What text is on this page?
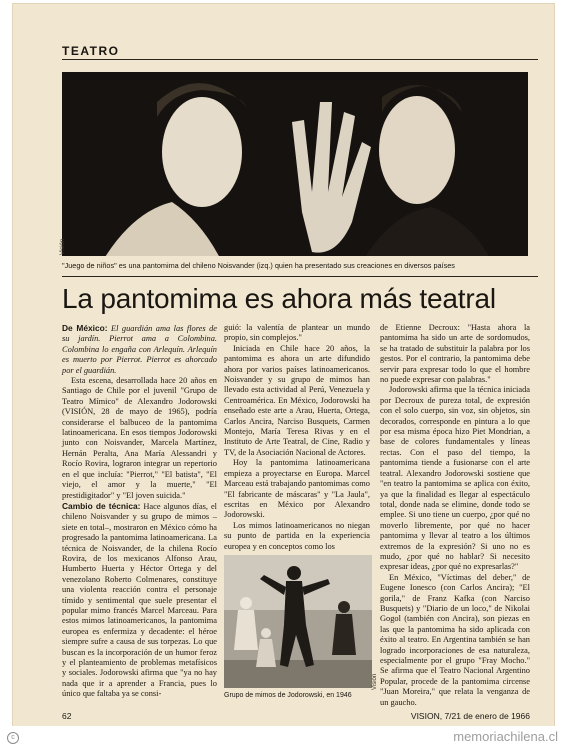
TEATRO
Visión
"Juego de niños" es una pantomima del chileno Noisvander (izq.) quien ha presentado sus creaciones en diversos países
La pantomima es ahora más teatral

De México: El guardián ama las flores de su jardín. Pierrot ama a Colombina. Colombina lo engaña con Arlequín. Arlequín es muerto por Pierrot. Pierrot es ahorcado por el guardián.

Esta escena, desarrollada hace 20 años en Santiago de Chile por el juvenil "Grupo de Teatro Mímico" de Alexandro Jodorowski (VISIÓN, 28 de mayo de 1965), podría considerarse el balbuceo de la pantomima latinoamericana. En esos tiempos Jodorowski junto con Noisvander, Marcela Martínez, Hernán Peralta, Ana María Alessandri y Rocío Rovira, lograron integrar un repertorio en el que incluía: "Pierrot," "El batista", "El viejo, el amor y la muerte," "El prestidigitador" y "El joven suicida."

Cambio de técnica: Hace algunos días, el chileno Noisvander y su grupo de mimos –siete en total–, mostraron en México cómo ha progresado la pantomima latinoamericana. La técnica de Noisvander, de la chilena Rocío Rovira, de los mexicanos Alfonso Arau, Humberto Huerta y Héctor Ortega y del venezolano Roberto Colmenares, constituye una violenta reacción contra el personaje tímido y sentimental que suele presentar el popular mimo francés Marcel Marceau. Para estos mimos latinoamericanos, la pantomima europea es enfermiza y decadente: el héroe siempre sufre a causa de sus torpezas. Lo que buscan es la incorporación de un humor feroz y el planteamiento de problemas metafísicos y sociales. Jodorowski afirma que "ya no hay nada que ir a aprender a Francia, pues lo único que faltaba ya se consi-

guió: la valentía de plantear un mundo propio, sin complejos."

Iniciada en Chile hace 20 años, la pantomima es ahora un arte difundido ahora por varios países latinoamericanos. Noisvander y su grupo de mimos han llevado esta actividad al Perú, Venezuela y Centroamérica. En México, Jodorowski ha enseñado este arte a Arau, Huerta, Ortega, Carlos Ancira, Narciso Busquets, Carmen Montejo, María Teresa Rivas y en el Instituto de Arte Teatral, de Cine, Radio y TV, de la Asociación Nacional de Actores.

Hoy la pantomima latinoamericana empieza a proyectarse en Europa. Marcel Marceau está trabajando pantomimas como "El fabricante de máscaras" y "La Jaula", escritas en México por Alexandro Jodorowski.

Los mimos latinoamericanos no niegan su punto de partida en la experiencia europea y en conceptos como los

de Etienne Decroux: "Hasta ahora la pantomima ha sido un arte de sordomudos, se ha tratado de substituir la palabra por los gestos. Por el contrario, la pantomima debe servir para expresar todo lo que el hombre no puede expresar con palabras."

Jodorowski afirma que la técnica iniciada por Decroux de pureza total, de expresión con el solo cuerpo, sin voz, sin objetos, sin decorados, corresponde en pintura a lo que por esa misma época hizo Piet Mondrian, a base de colores fundamentales y líneas rectas. Con el paso del tiempo, la pantomima tiende a fusionarse con el arte teatral. Alexandro Jodorowski sostiene que "en teatro la pantomima se aplica con éxito, ya que la finalidad es llegar al espectáculo total, donde nada se elimine, donde todo se emplee. Si uno tiene un cuerpo, ¿por qué no moverlo libremente, por qué no hacer pantomima y llevar al teatro a los últimos extremos de la expresión? Si uno no es mudo, ¿por qué no hablar? Si necesito expresar ideas, ¿por qué no expresarlas?"

En México, "Víctimas del deber," de Eugene Ionesco (con Carlos Ancira); "El gorila," de Franz Kafka (con Narciso Busquets) y "Diario de un loco," de Nikolai Gogol (también con Ancira), son piezas en las que la pantomima ha sido aplicada con éxito al teatro. En Argentina también se han logrado incorporaciones de esa naturaleza, especialmente por el grupo "Fray Mocho." Se afirma que el Teatro Nacional Argentino Popular, procede de la pantomima circense "Juan Moreira," que relata la venganza de un gaucho.

Visión
Grupo de mimos de Jodorowski, en 1946
62	VISION, 7/21 de enero de 1966
c	memoriachilena.cl
